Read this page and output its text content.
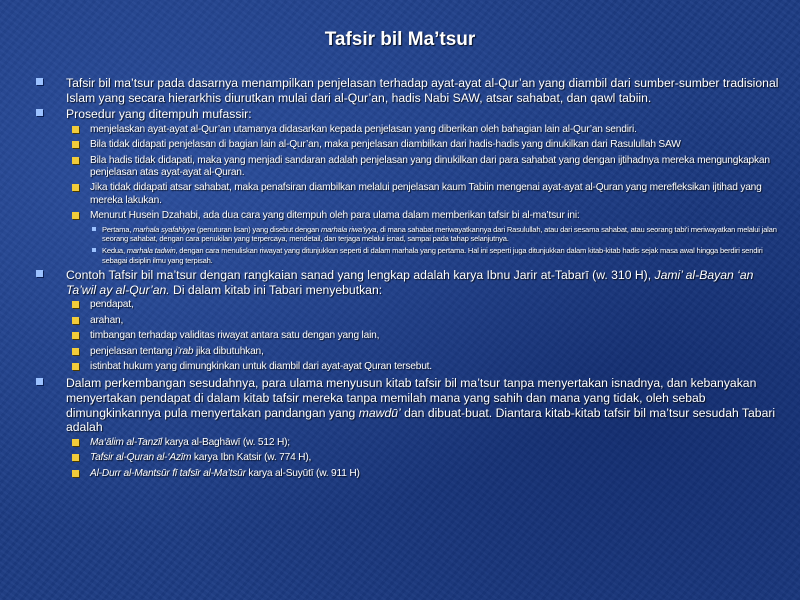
Tafsir bil Ma’tsur
Tafsir bil ma’tsur pada dasarnya menampilkan penjelasan terhadap ayat-ayat al-Qur’an yang diambil dari sumber-sumber tradisional Islam yang secara hierarkhis diurutkan mulai dari al-Qur’an, hadis Nabi SAW, atsar sahabat, dan qawl tabiin.
Prosedur yang ditempuh mufassir:
menjelaskan ayat-ayat al-Qur’an utamanya didasarkan kepada penjelasan yang diberikan oleh bahagian lain al-Qur’an sendiri.
Bila tidak didapati penjelasan di bagian lain al-Qur’an, maka penjelasan diambilkan dari hadis-hadis yang dinukilkan dari Rasulullah SAW
Bila hadis tidak didapati, maka yang menjadi sandaran adalah penjelasan yang dinukilkan dari para sahabat yang dengan ijtihadnya mereka mengungkapkan penjelasan atas ayat-ayat al-Quran.
Jika tidak didapati atsar sahabat, maka penafsiran diambilkan melalui penjelasan kaum Tabiin mengenai ayat-ayat al-Quran yang merefleksikan ijtihad yang mereka lakukan.
Menurut Husein Dzahabi, ada dua cara yang ditempuh oleh para ulama dalam memberikan tafsir bi al-ma’tsur ini:
Pertama, marhala syafahiyya (penuturan lisan) yang disebut dengan marhala riwa’iyya, di mana sahabat meriwayatkannya dari Rasulullah, atau dari sesama sahabat, atau seorang tabi’i meriwayatkan melalui jalan seorang sahabat, dengan cara penukilan yang terpercaya, mendetail, dan terjaga melalui isnad, sampai pada tahap selanjutnya.
Kedua, marhala tadwin, dengan cara menuliskan riwayat yang ditunjukkan seperti di dalam marhala yang pertama. Hal ini seperti juga ditunjukkan dalam kitab-kitab hadis sejak masa awal hingga berdiri sendiri sebagai disiplin ilmu yang terpisah.
Contoh Tafsir bil ma’tsur dengan rangkaian sanad yang lengkap adalah karya Ibnu Jarir at-Tabarī (w. 310 H), Jami’ al-Bayan ‘an Ta’wil ay al-Qur’an. Di dalam kitab ini Tabari menyebutkan:
pendapat,
arahan,
timbangan terhadap validitas riwayat antara satu dengan yang lain,
penjelasan tentang i’rab jika dibutuhkan,
istinbat hukum yang dimungkinkan untuk diambil dari ayat-ayat Quran tersebut.
Dalam perkembangan sesudahnya, para ulama menyusun kitab tafsir bil ma’tsur tanpa menyertakan isnadnya, dan kebanyakan menyertakan pendapat di dalam kitab tafsir mereka tanpa memilah mana yang sahih dan mana yang tidak, oleh sebab dimungkinkannya pula menyertakan pandangan yang mawdū’ dan dibuat-buat. Diantara kitab-kitab tafsir bil ma’tsur sesudah Tabari adalah
Ma‘ālim al-Tanzīl karya al-Baghāwī (w. 512 H);
Tafsir al-Quran al-‘Azīm karya Ibn Katsir (w. 774 H),
Al-Durr al-Mantsūr fī tafsīr al-Ma’tsūr karya al-Suyūtī (w. 911 H)
